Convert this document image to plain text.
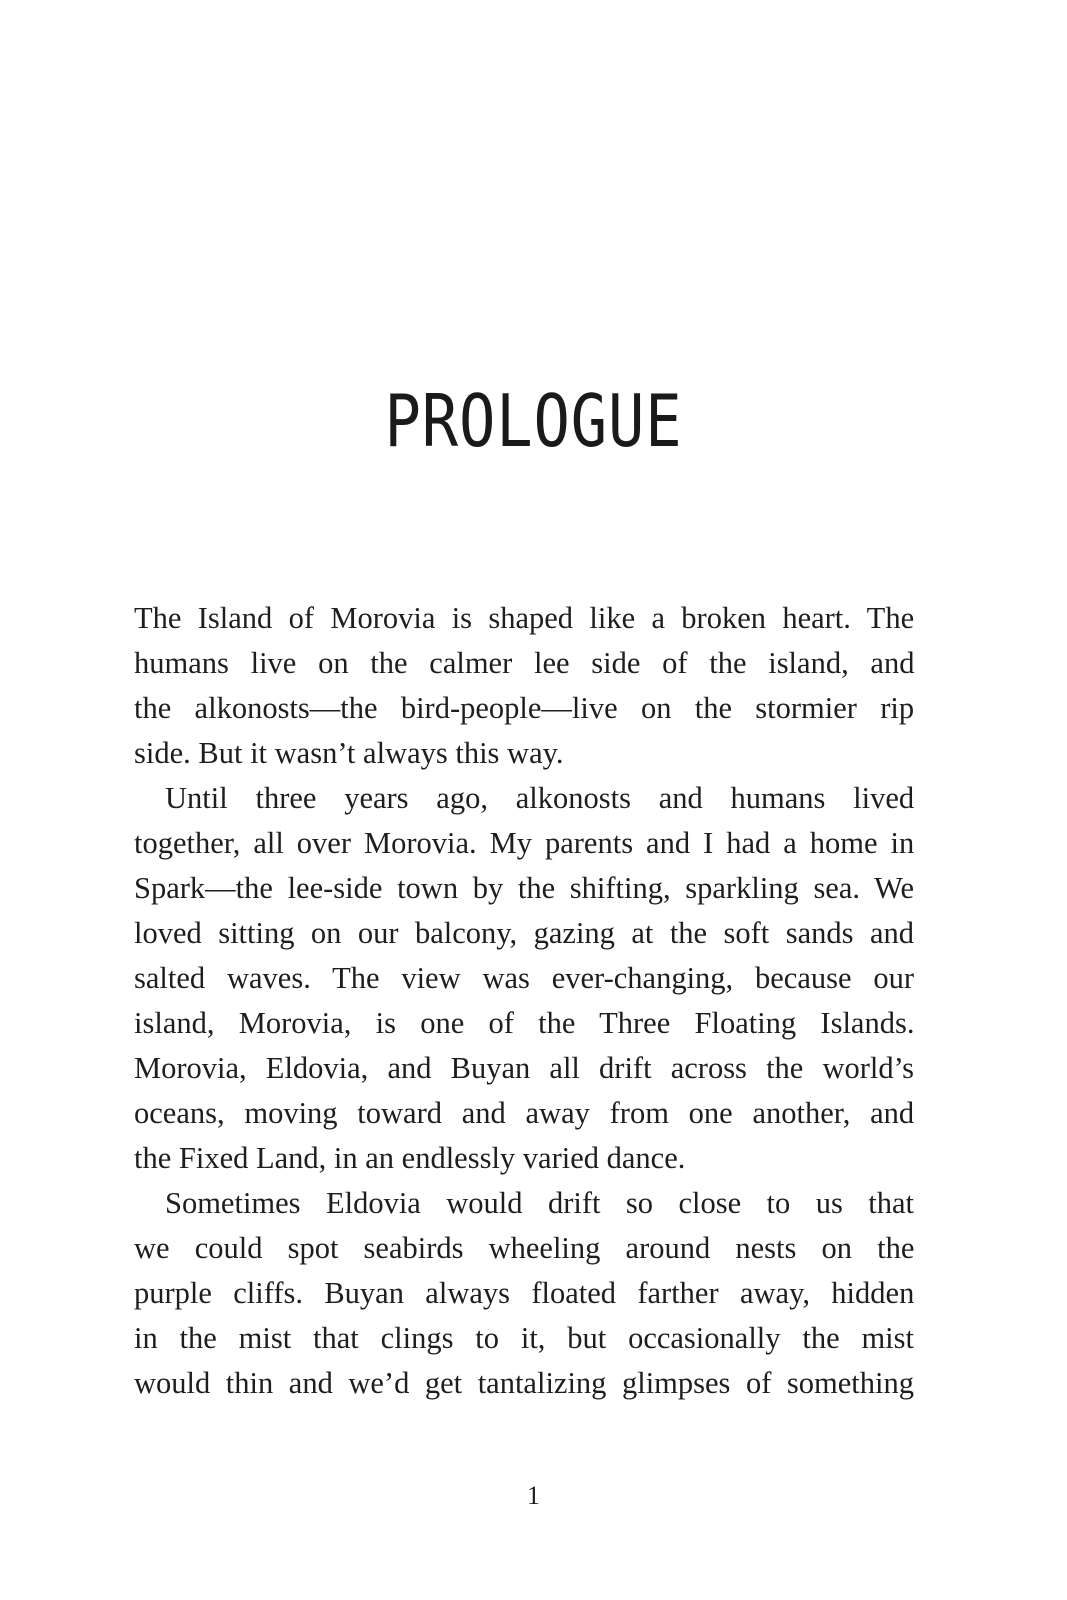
PROLOGUE
The Island of Morovia is shaped like a broken heart. The
humans live on the calmer lee side of the island, and
the alkonosts—the bird-people—live on the stormier rip
side. But it wasn’t always this way.
Until three years ago, alkonosts and humans lived
together, all over Morovia. My parents and I had a home in
Spark—the lee-side town by the shifting, sparkling sea. We
loved sitting on our balcony, gazing at the soft sands and
salted waves. The view was ever-changing, because our
island, Morovia, is one of the Three Floating Islands.
Morovia, Eldovia, and Buyan all drift across the world’s
oceans, moving toward and away from one another, and
the Fixed Land, in an endlessly varied dance.
Sometimes Eldovia would drift so close to us that
we could spot seabirds wheeling around nests on the
purple cliffs. Buyan always floated farther away, hidden
in the mist that clings to it, but occasionally the mist
would thin and we’d get tantalizing glimpses of something
1
